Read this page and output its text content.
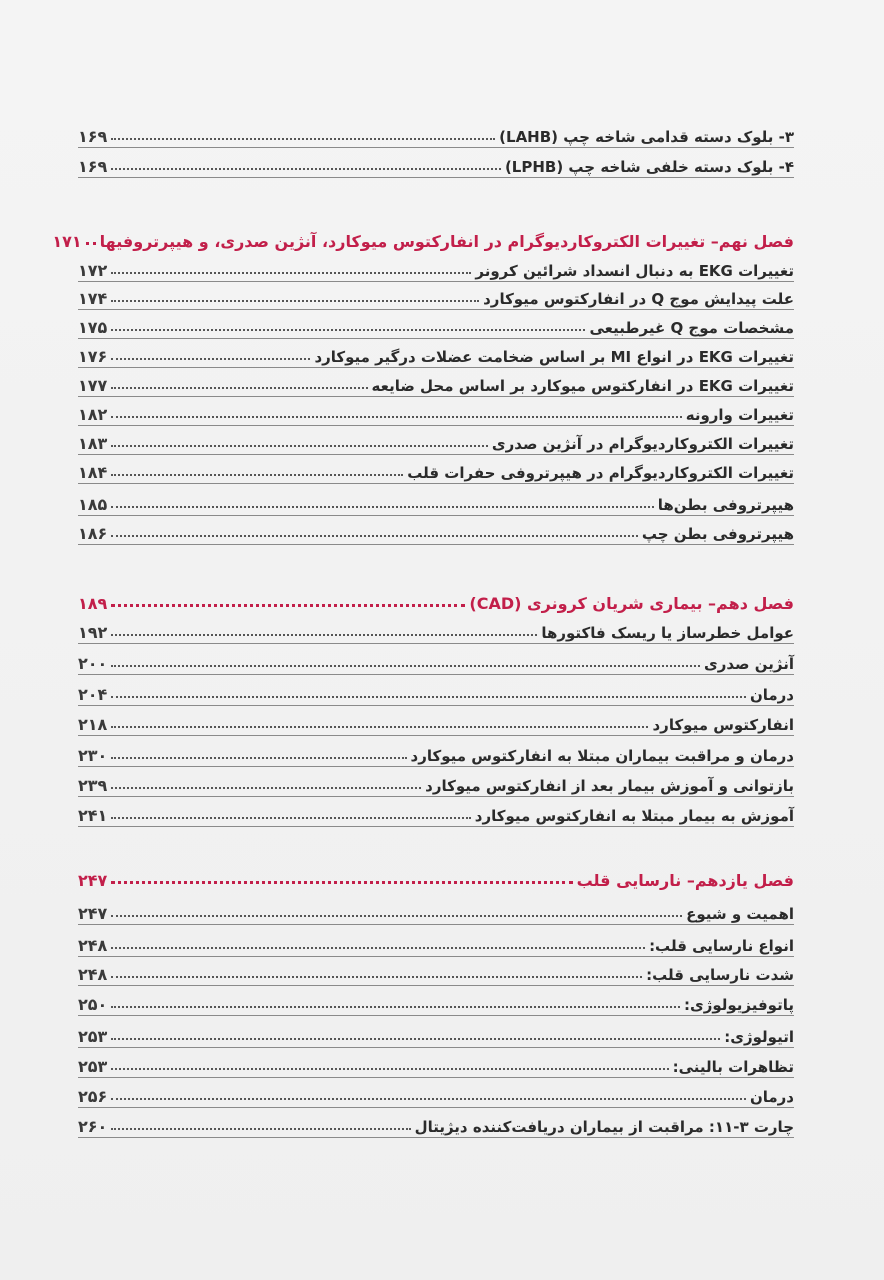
۳- بلوک دسته قدامی شاخه چپ (LAHB)
۱۶۹
۴- بلوک دسته خلفی شاخه چپ (LPHB)
۱۶۹
فصل نهم– تغییرات الکتروکاردیوگرام در انفارکتوس میوکارد، آنژین صدری، و هیپرتروفیها
۱۷۱
تغییرات EKG به دنبال انسداد شرائین کرونر
۱۷۲
علت پیدایش موج Q در انفارکتوس میوکارد
۱۷۴
مشخصات موج Q غیرطبیعی
۱۷۵
تغییرات EKG در انواع MI بر اساس ضخامت عضلات درگیر میوکارد
۱۷۶
تغییرات EKG در انفارکتوس میوکارد بر اساس محل ضایعه
۱۷۷
تغییرات وارونه
۱۸۲
تغییرات الکتروکاردیوگرام در آنژین صدری
۱۸۳
تغییرات الکتروکاردیوگرام در هیپرتروفی حفرات قلب
۱۸۴
هیپرتروفی بطن‌ها
۱۸۵
هیپرتروفی بطن چپ
۱۸۶
فصل دهم– بیماری شریان کرونری (CAD)
۱۸۹
عوامل خطرساز یا ریسک فاکتورها
۱۹۲
آنژین صدری
۲۰۰
درمان
۲۰۴
انفارکتوس میوکارد
۲۱۸
درمان و مراقبت بیماران مبتلا به انفارکتوس میوکارد
۲۳۰
بازتوانی و آموزش بیمار بعد از انفارکتوس میوکارد
۲۳۹
آموزش به بیمار مبتلا به انفارکتوس میوکارد
۲۴۱
فصل یازدهم– نارسایی قلب
۲۴۷
اهمیت و شیوع
۲۴۷
انواع نارسایی قلب:
۲۴۸
شدت نارسایی قلب:
۲۴۸
پاتوفیزیولوژی:
۲۵۰
اتیولوژی:
۲۵۳
تظاهرات بالینی:
۲۵۳
درمان
۲۵۶
چارت ۳-۱۱: مراقبت از بیماران دریافت‌کننده دیژیتال
۲۶۰
